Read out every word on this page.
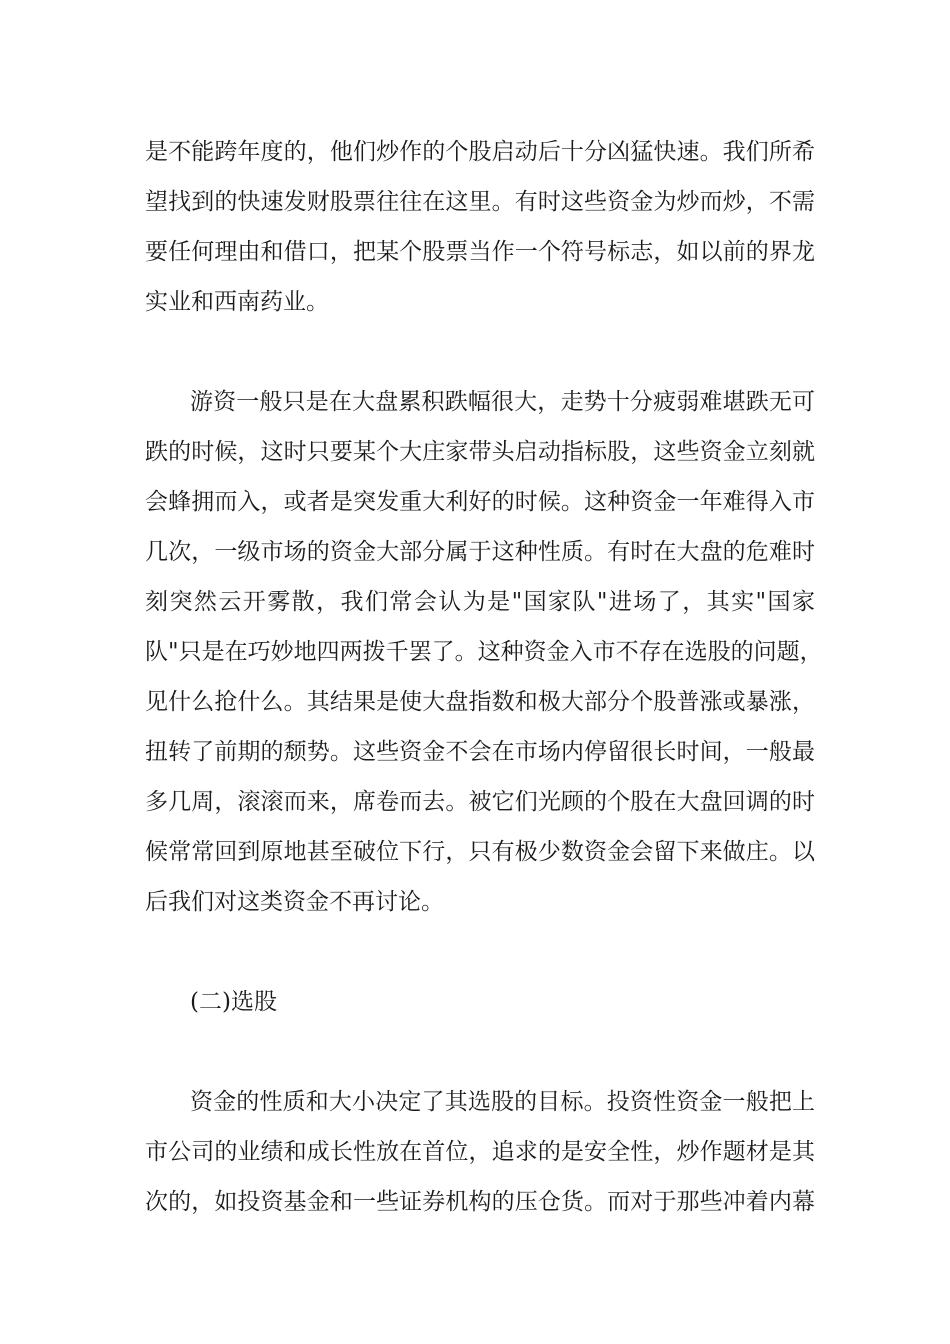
是不能跨年度的，他们炒作的个股启动后十分凶猛快速。我们所希

望找到的快速发财股票往往在这里。有时这些资金为炒而炒，不需

要任何理由和借口，把某个股票当作一个符号标志，如以前的界龙

实业和西南药业。

游资一般只是在大盘累积跌幅很大，走势十分疲弱难堪跌无可

跌的时候，这时只要某个大庄家带头启动指标股，这些资金立刻就

会蜂拥而入，或者是突发重大利好的时候。这种资金一年难得入市

几次，一级市场的资金大部分属于这种性质。有时在大盘的危难时

刻突然云开雾散，我们常会认为是"国家队"进场了，其实"国家

队"只是在巧妙地四两拨千罢了。这种资金入市不存在选股的问题，

见什么抢什么。其结果是使大盘指数和极大部分个股普涨或暴涨，

扭转了前期的颓势。这些资金不会在市场内停留很长时间，一般最

多几周，滚滚而来，席卷而去。被它们光顾的个股在大盘回调的时

候常常回到原地甚至破位下行，只有极少数资金会留下来做庄。以

后我们对这类资金不再讨论。

(二)选股

资金的性质和大小决定了其选股的目标。投资性资金一般把上

市公司的业绩和成长性放在首位，追求的是安全性，炒作题材是其

次的，如投资基金和一些证券机构的压仓货。而对于那些冲着内幕
